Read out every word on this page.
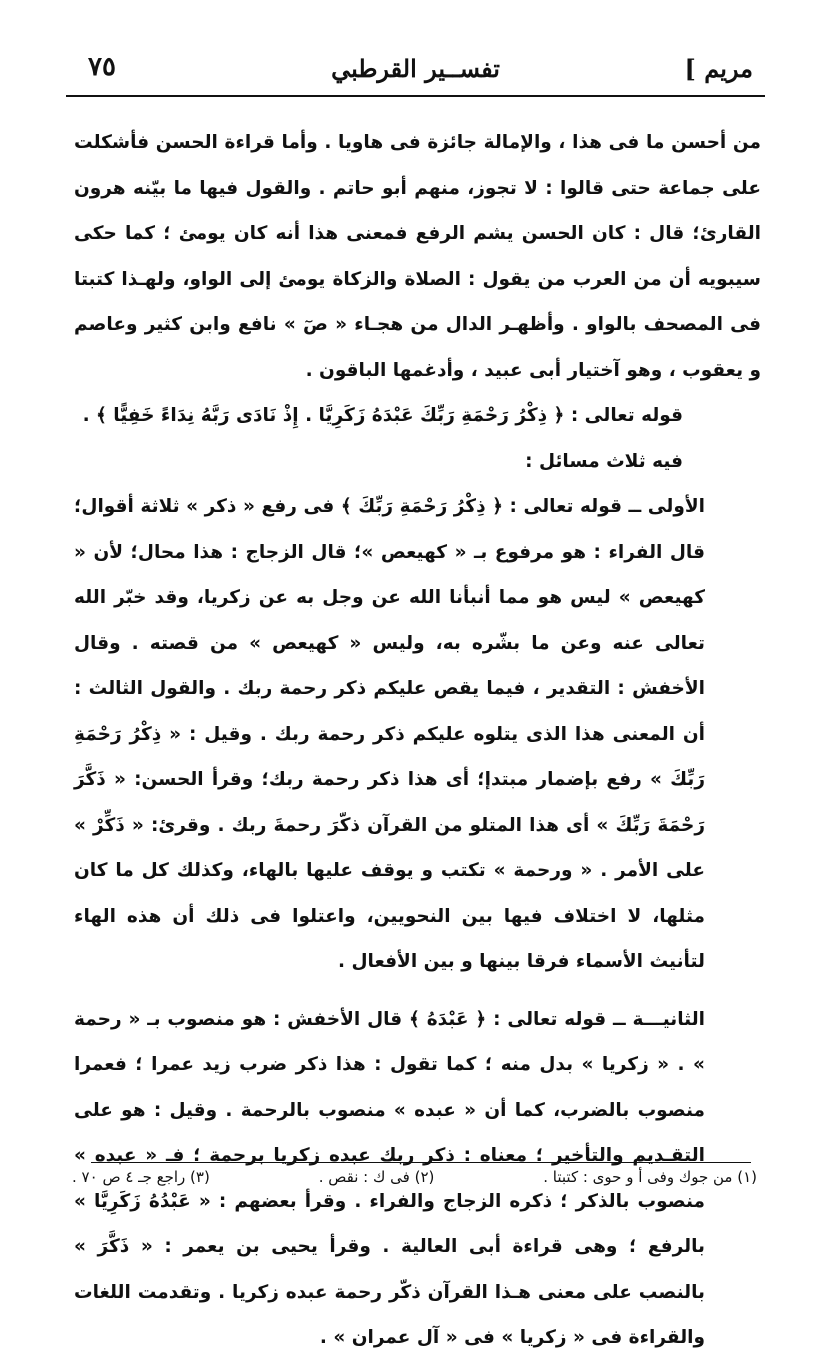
مريم ]
تفســير القرطبي
٧٥

من أحسن ما فى هذا ، والإمالة جائزة فى هاويا . وأما قراءة الحسن فأشكلت على جماعة حتى قالوا : لا تجوز، منهم أبو حاتم . والقول فيها ما بيّنه هرون القارئ؛ قال : كان الحسن يشم الرفع فمعنى هذا أنه كان يومئ ؛ كما حكى سيبويه أن من العرب من يقول : الصلاة والزكاة يومئ إلى الواو، ولهـذا كتبتا فى المصحف بالواو . وأظهـر الدال من هجـاء « صٓ » نافع وابن كثير وعاصم و يعقوب ، وهو آختيار أبى عبيد ، وأدغمها الباقون .

قوله تعالى : ﴿ ذِكْرُ رَحْمَةِ رَبِّكَ عَبْدَهُ زَكَرِيَّا . إِذْ نَادَى رَبَّهُ نِدَاءً خَفِيًّا ﴾ .

فيه ثلاث مسائل :

الأولى ــ قوله تعالى : ﴿ ذِكْرُ رَحْمَةِ رَبِّكَ ﴾ فى رفع « ذكر » ثلاثة أقوال؛ قال الفراء : هو مرفوع بـ « كهيعص »؛ قال الزجاج : هذا محال؛ لأن « كهيعص » ليس هو مما أنبأنا الله عن وجل به عن زكريا، وقد خبّر الله تعالى عنه وعن ما بشّره به، وليس « كهيعص » من قصته . وقال الأخفش : التقدير ، فيما يقص عليكم ذكر رحمة ربك . والقول الثالث : أن المعنى هذا الذى يتلوه عليكم ذكر رحمة ربك . وقيل : « ذِكْرُ رَحْمَةِ رَبِّكَ » رفع بإضمار مبتدإ؛ أى هذا ذكر رحمة ربك؛ وقرأ الحسن: « ذَكَّرَ رَحْمَةَ رَبِّكَ » أى هذا المتلو من القرآن ذكّرَ رحمةَ ربك . وقرئ: « ذَكِّرْ » على الأمر . « ورحمة » تكتب و يوقف عليها بالهاء، وكذلك كل ما كان مثلها، لا اختلاف فيها بين النحويين، واعتلوا فى ذلك أن هذه الهاء لتأنيث الأسماء فرقا بينها و بين الأفعال .

الثانيـــة ــ قوله تعالى : ﴿ عَبْدَهُ ﴾ قال الأخفش : هو منصوب بـ « رحمة » . « زكريا » بدل منه ؛ كما تقول : هذا ذكر ضرب زيد عمرا ؛ فعمرا منصوب بالضرب، كما أن « عبده » منصوب بالرحمة . وقيل : هو على التقـديم والتأخير ؛ معناه : ذكر ربك عبده زكريا برحمة ؛ فـ « عبده » منصوب بالذكر ؛ ذكره الزجاج والفراء . وقرأ بعضهم : « عَبْدُهُ زَكَرِيَّا » بالرفع ؛ وهى قراءة أبى العالية . وقرأ يحيى بن يعمر : « ذَكَّرَ » بالنصب على معنى هـذا القرآن ذكّر رحمة عبده زكريا . وتقدمت اللغات والقراءة فى « زكريا » فى « آل عمران » .

(١) من جوك وفى أ و حوى : كتبتا .
(٢) فى ك : نقص .
(٣) راجع جـ ٤ ص ٧٠ .
